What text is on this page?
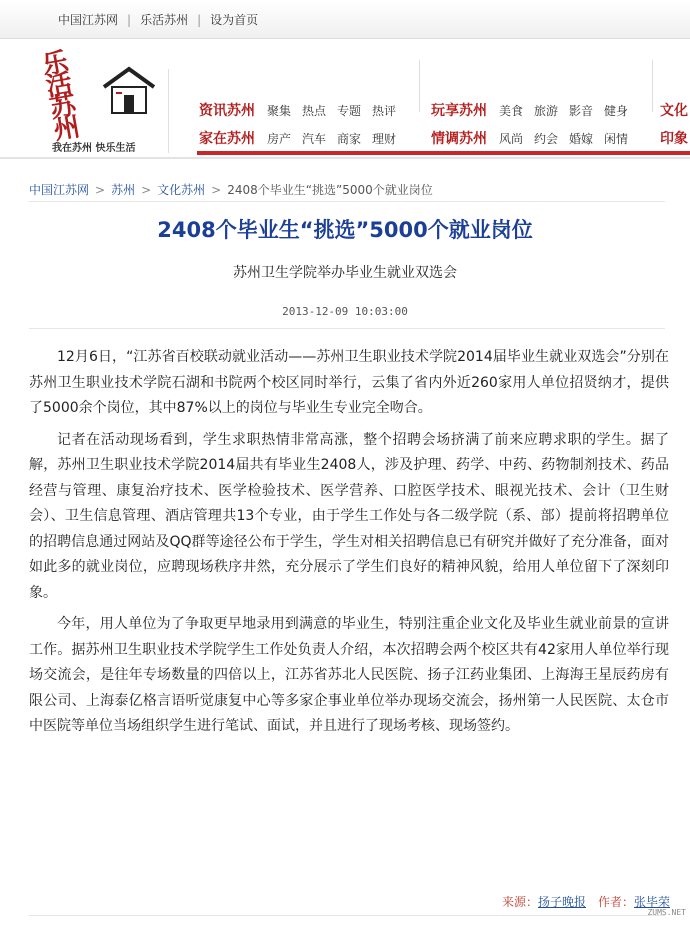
中国江苏网 | 乐活苏州 | 设为首页
乐活苏州
我在苏州 快乐生活
资讯苏州 聚集 热点 专题 热评
家在苏州 房产 汽车 商家 理财
玩享苏州 美食 旅游 影音 健身
情调苏州 风尚 约会 婚嫁 闲情
文化
印象
中国江苏网 > 苏州 > 文化苏州 > 2408个毕业生“挑选”5000个就业岗位
2408个毕业生“挑选”5000个就业岗位
苏州卫生学院举办毕业生就业双选会
2013-12-09 10:03:00

12月6日，“江苏省百校联动就业活动——苏州卫生职业技术学院2014届毕业生就业双选会”分别在苏州卫生职业技术学院石湖和书院两个校区同时举行，云集了省内外近260家用人单位招贤纳才，提供了5000余个岗位，其中87%以上的岗位与毕业生专业完全吻合。

记者在活动现场看到，学生求职热情非常高涨，整个招聘会场挤满了前来应聘求职的学生。据了解，苏州卫生职业技术学院2014届共有毕业生2408人，涉及护理、药学、中药、药物制剂技术、药品经营与管理、康复治疗技术、医学检验技术、医学营养、口腔医学技术、眼视光技术、会计（卫生财会）、卫生信息管理、酒店管理共13个专业，由于学生工作处与各二级学院（系、部）提前将招聘单位的招聘信息通过网站及QQ群等途径公布于学生，学生对相关招聘信息已有研究并做好了充分准备，面对如此多的就业岗位，应聘现场秩序井然，充分展示了学生们良好的精神风貌，给用人单位留下了深刻印象。

今年，用人单位为了争取更早地录用到满意的毕业生，特别注重企业文化及毕业生就业前景的宣讲工作。据苏州卫生职业技术学院学生工作处负责人介绍，本次招聘会两个校区共有42家用人单位举行现场交流会，是往年专场数量的四倍以上，江苏省苏北人民医院、扬子江药业集团、上海海王星辰药房有限公司、上海泰亿格言语听觉康复中心等多家企事业单位举办现场交流会，扬州第一人民医院、太仓市中医院等单位当场组织学生进行笔试、面试，并且进行了现场考核、现场签约。

来源：扬子晚报 作者：张毕荣
ZUMS.NET
